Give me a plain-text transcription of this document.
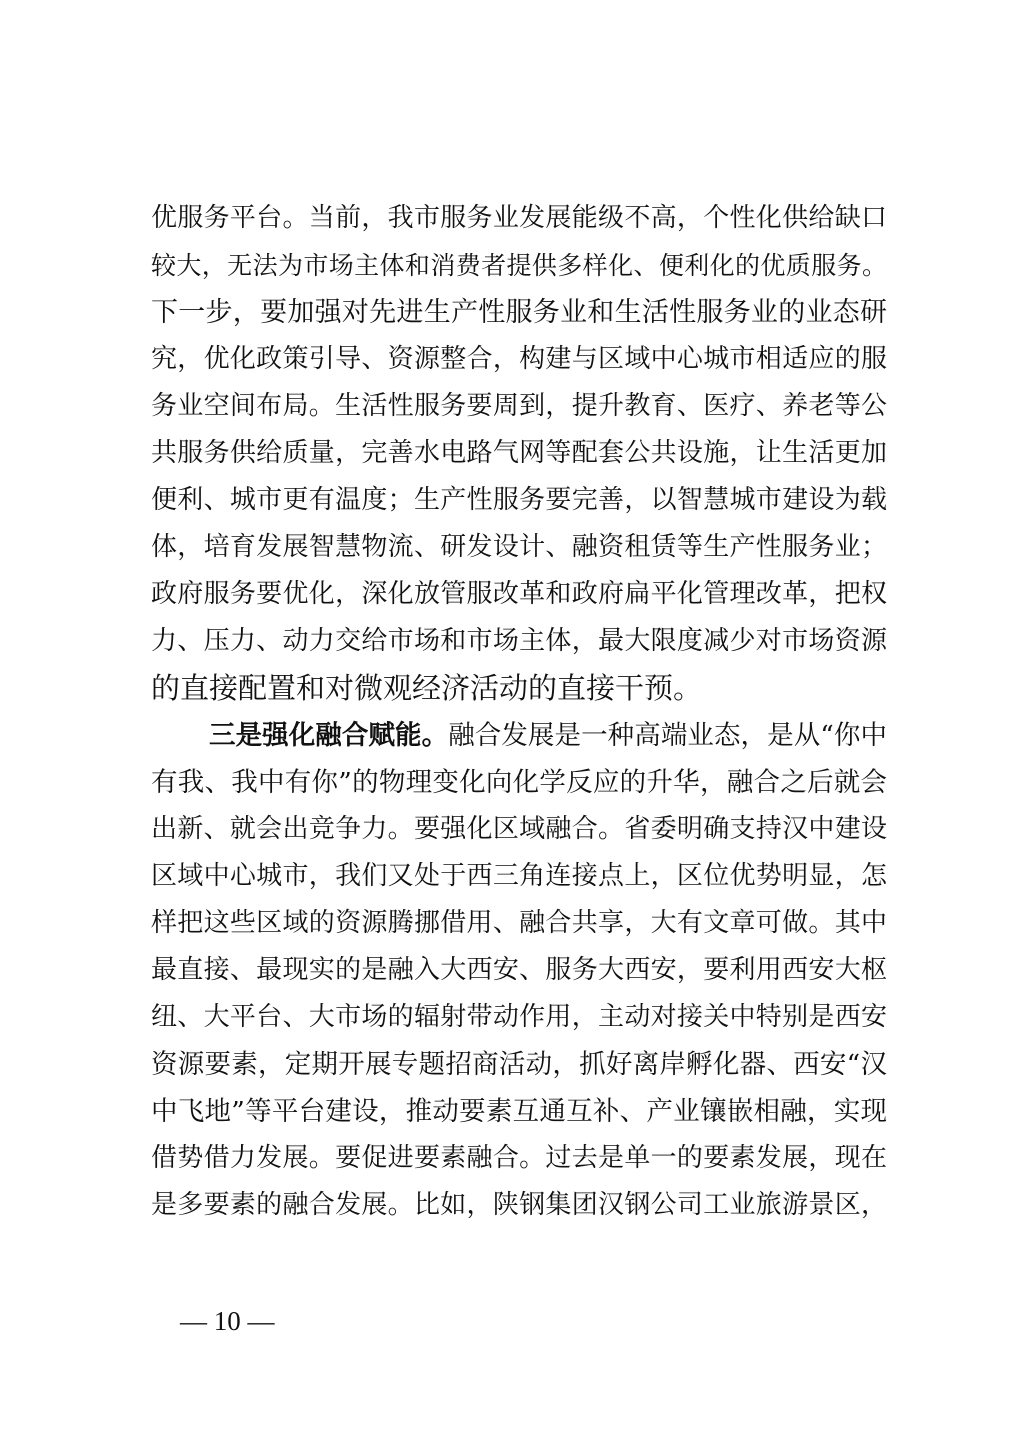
优服务平台。当前，我市服务业发展能级不高，个性化供给缺口
较大，无法为市场主体和消费者提供多样化、便利化的优质服务。
下一步，要加强对先进生产性服务业和生活性服务业的业态研
究，优化政策引导、资源整合，构建与区域中心城市相适应的服
务业空间布局。生活性服务要周到，提升教育、医疗、养老等公
共服务供给质量，完善水电路气网等配套公共设施，让生活更加
便利、城市更有温度；生产性服务要完善，以智慧城市建设为载
体，培育发展智慧物流、研发设计、融资租赁等生产性服务业；
政府服务要优化，深化放管服改革和政府扁平化管理改革，把权
力、压力、动力交给市场和市场主体，最大限度减少对市场资源
的直接配置和对微观经济活动的直接干预。
三是强化融合赋能。融合发展是一种高端业态，是从“你中
有我、我中有你”的物理变化向化学反应的升华，融合之后就会
出新、就会出竞争力。要强化区域融合。省委明确支持汉中建设
区域中心城市，我们又处于西三角连接点上，区位优势明显，怎
样把这些区域的资源腾挪借用、融合共享，大有文章可做。其中
最直接、最现实的是融入大西安、服务大西安，要利用西安大枢
纽、大平台、大市场的辐射带动作用，主动对接关中特别是西安
资源要素，定期开展专题招商活动，抓好离岸孵化器、西安“汉
中飞地”等平台建设，推动要素互通互补、产业镶嵌相融，实现
借势借力发展。要促进要素融合。过去是单一的要素发展，现在
是多要素的融合发展。比如，陕钢集团汉钢公司工业旅游景区，
— 10 —
